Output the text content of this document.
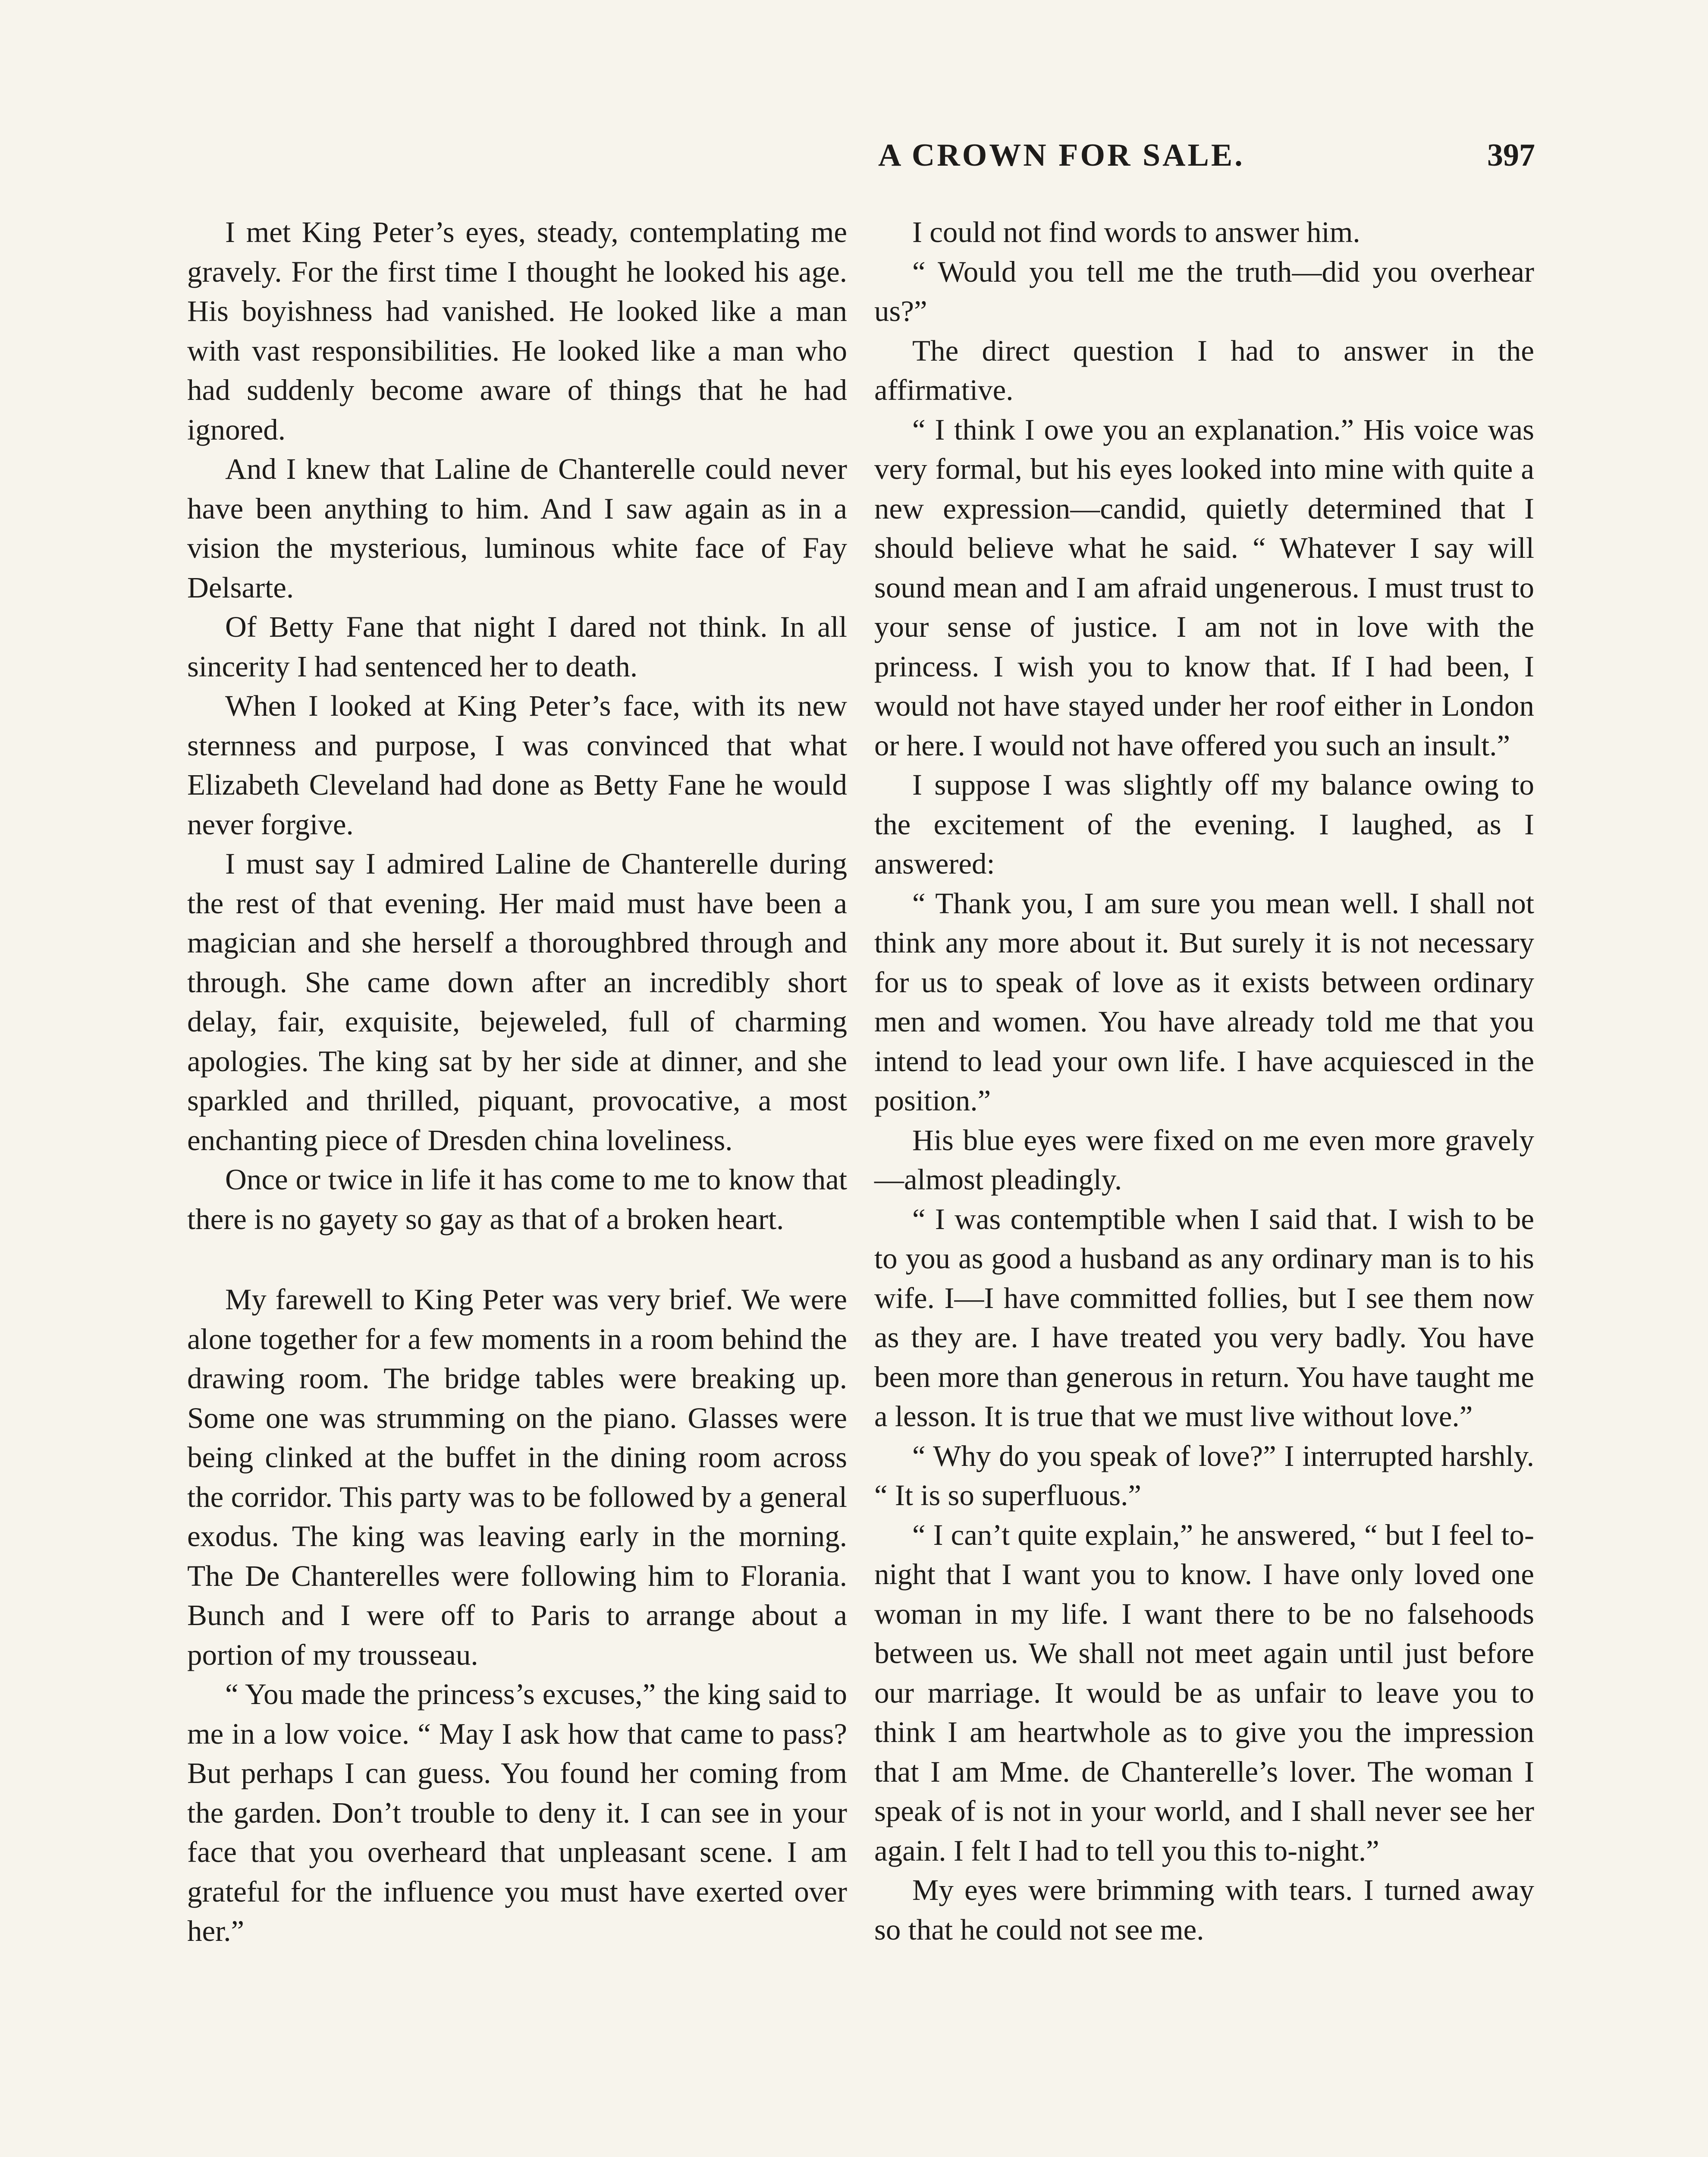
A CROWN FOR SALE.	397

I met King Peter’s eyes, steady, contemplating me gravely. For the first time I thought he looked his age. His boyishness had vanished. He looked like a man with vast responsibilities. He looked like a man who had suddenly become aware of things that he had ignored.

And I knew that Laline de Chanterelle could never have been anything to him. And I saw again as in a vision the mysterious, luminous white face of Fay Delsarte.

Of Betty Fane that night I dared not think. In all sincerity I had sentenced her to death.

When I looked at King Peter’s face, with its new sternness and purpose, I was convinced that what Elizabeth Cleveland had done as Betty Fane he would never forgive.

I must say I admired Laline de Chanterelle during the rest of that evening. Her maid must have been a magician and she herself a thoroughbred through and through. She came down after an incredibly short delay, fair, exquisite, bejeweled, full of charming apologies. The king sat by her side at dinner, and she sparkled and thrilled, piquant, provocative, a most enchanting piece of Dresden china loveliness.

Once or twice in life it has come to me to know that there is no gayety so gay as that of a broken heart.

My farewell to King Peter was very brief. We were alone together for a few moments in a room behind the drawing room. The bridge tables were breaking up. Some one was strumming on the piano. Glasses were being clinked at the buffet in the dining room across the corridor. This party was to be followed by a general exodus. The king was leaving early in the morning. The De Chanterelles were following him to Florania. Bunch and I were off to Paris to arrange about a portion of my trousseau.

“ You made the princess’s excuses,” the king said to me in a low voice. “ May I ask how that came to pass? But perhaps I can guess. You found her coming from the garden. Don’t trouble to deny it. I can see in your face that you overheard that unpleasant scene. I am grateful for the influence you must have exerted over her.”

I could not find words to answer him.

“ Would you tell me the truth—did you overhear us?”

The direct question I had to answer in the affirmative.

“ I think I owe you an explanation.” His voice was very formal, but his eyes looked into mine with quite a new expression—candid, quietly determined that I should believe what he said. “ Whatever I say will sound mean and I am afraid ungenerous. I must trust to your sense of justice. I am not in love with the princess. I wish you to know that. If I had been, I would not have stayed under her roof either in London or here. I would not have offered you such an insult.”

I suppose I was slightly off my balance owing to the excitement of the evening. I laughed, as I answered:

“ Thank you, I am sure you mean well. I shall not think any more about it. But surely it is not necessary for us to speak of love as it exists between ordinary men and women. You have already told me that you intend to lead your own life. I have acquiesced in the position.”

His blue eyes were fixed on me even more gravely—almost pleadingly.

“ I was contemptible when I said that. I wish to be to you as good a husband as any ordinary man is to his wife. I—I have committed follies, but I see them now as they are. I have treated you very badly. You have been more than generous in return. You have taught me a lesson. It is true that we must live without love.”

“ Why do you speak of love?” I interrupted harshly. “ It is so superfluous.”

“ I can’t quite explain,” he answered, “ but I feel to-night that I want you to know. I have only loved one woman in my life. I want there to be no falsehoods between us. We shall not meet again until just before our marriage. It would be as unfair to leave you to think I am heartwhole as to give you the impression that I am Mme. de Chanterelle’s lover. The woman I speak of is not in your world, and I shall never see her again. I felt I had to tell you this to-night.”

My eyes were brimming with tears. I turned away so that he could not see me.
